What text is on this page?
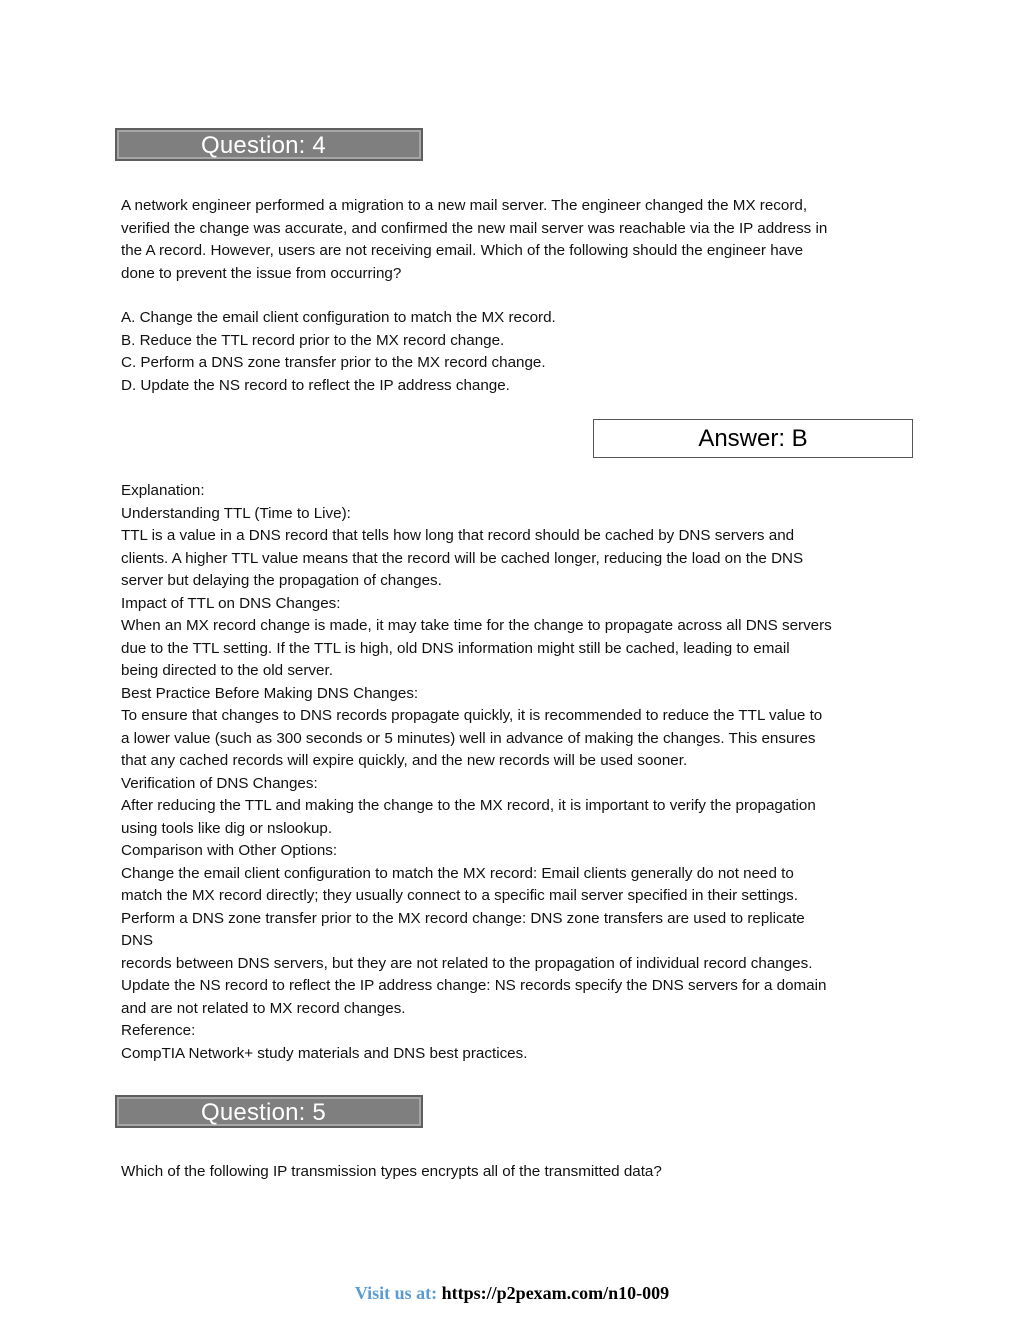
Question: 4

A network engineer performed a migration to a new mail server. The engineer changed the MX record,

verified the change was accurate, and confirmed the new mail server was reachable via the IP address in

the A record. However, users are not receiving email. Which of the following should the engineer have

done to prevent the issue from occurring?

A. Change the email client configuration to match the MX record.
B. Reduce the TTL record prior to the MX record change.
C. Perform a DNS zone transfer prior to the MX record change.
D. Update the NS record to reflect the IP address change.
Answer: B

Explanation:

Understanding TTL (Time to Live):

TTL is a value in a DNS record that tells how long that record should be cached by DNS servers and

clients. A higher TTL value means that the record will be cached longer, reducing the load on the DNS

server but delaying the propagation of changes.

Impact of TTL on DNS Changes:

When an MX record change is made, it may take time for the change to propagate across all DNS servers

due to the TTL setting. If the TTL is high, old DNS information might still be cached, leading to email

being directed to the old server.

Best Practice Before Making DNS Changes:

To ensure that changes to DNS records propagate quickly, it is recommended to reduce the TTL value to

a lower value (such as 300 seconds or 5 minutes) well in advance of making the changes. This ensures

that any cached records will expire quickly, and the new records will be used sooner.

Verification of DNS Changes:

After reducing the TTL and making the change to the MX record, it is important to verify the propagation

using tools like dig or nslookup.

Comparison with Other Options:

Change the email client configuration to match the MX record: Email clients generally do not need to

match the MX record directly; they usually connect to a specific mail server specified in their settings.

Perform a DNS zone transfer prior to the MX record change: DNS zone transfers are used to replicate

DNS

records between DNS servers, but they are not related to the propagation of individual record changes.

Update the NS record to reflect the IP address change: NS records specify the DNS servers for a domain

and are not related to MX record changes.

Reference:

CompTIA Network+ study materials and DNS best practices.

Question: 5

Which of the following IP transmission types encrypts all of the transmitted data?

Visit us at: https://p2pexam.com/n10-009
